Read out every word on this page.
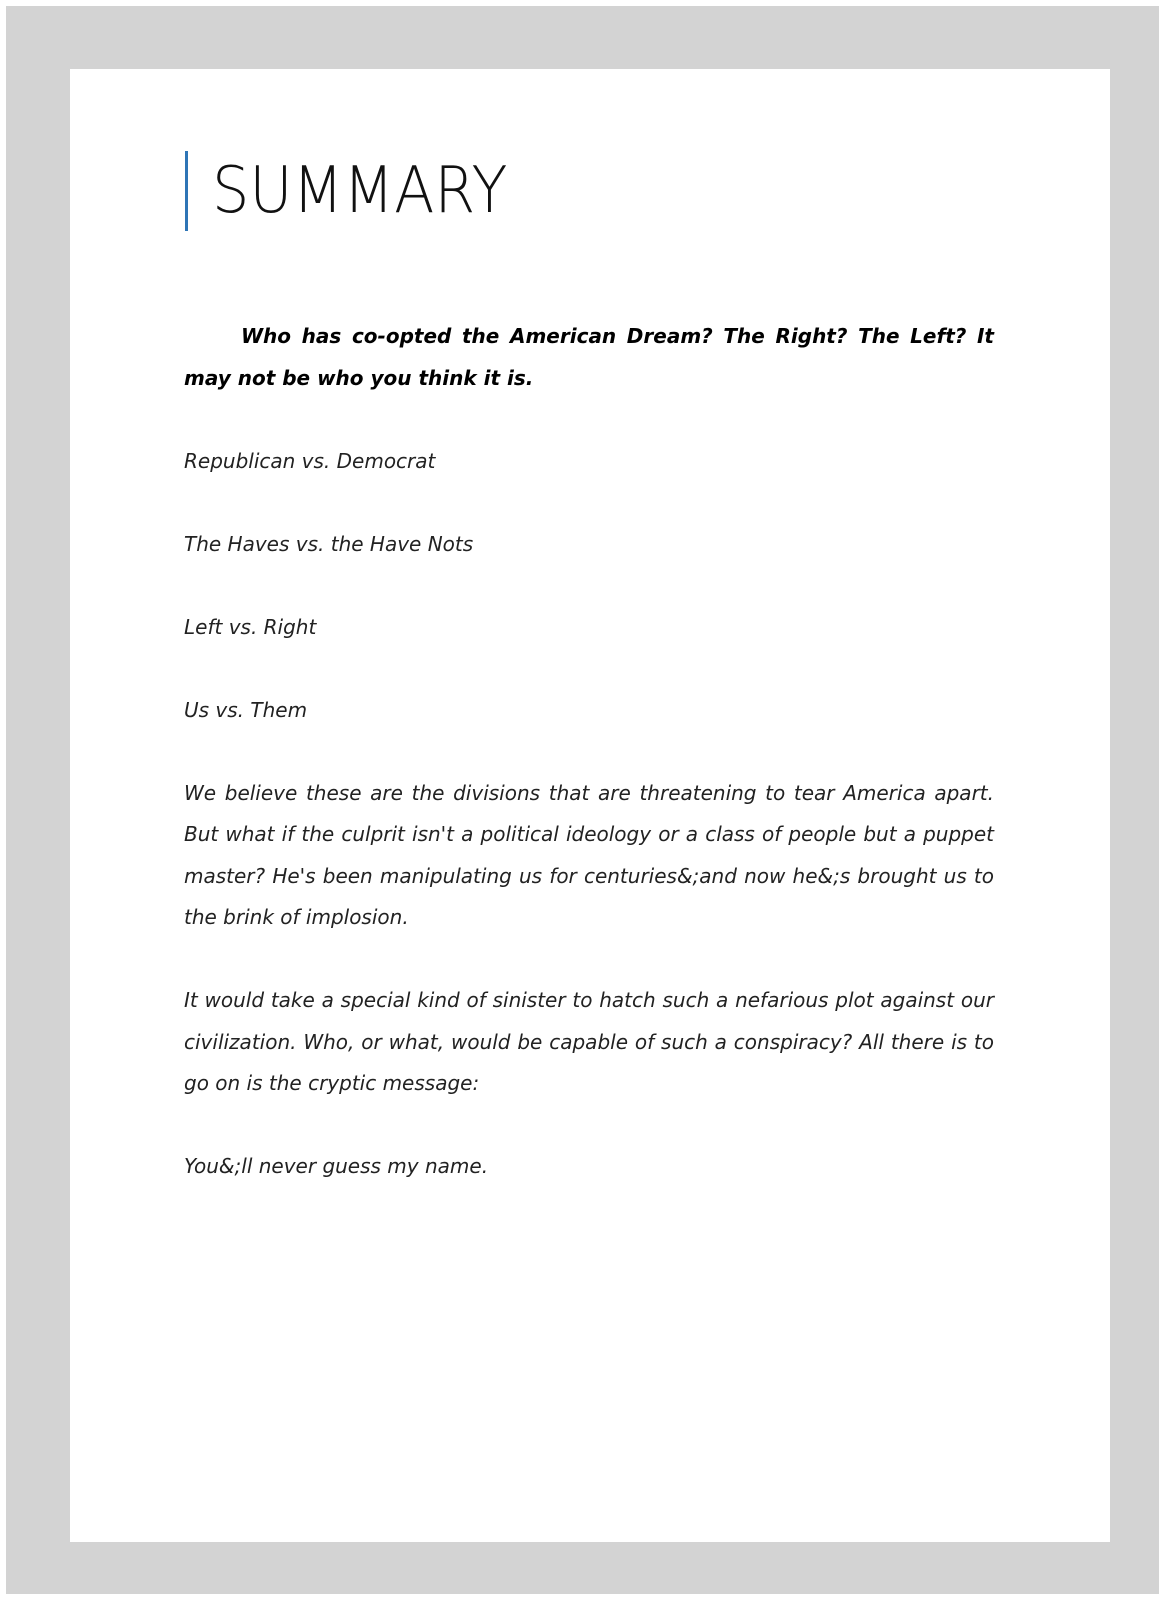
SUMMARY

Who has co-opted the American Dream? The Right? The Left? It may not be who you think it is.

Republican vs. Democrat

The Haves vs. the Have Nots

Left vs. Right

Us vs. Them

We believe these are the divisions that are threatening to tear America apart. But what if the culprit isn't a political ideology or a class of people but a puppet master? He's been manipulating us for centuries&;and now he&;s brought us to the brink of implosion.

It would take a special kind of sinister to hatch such a nefarious plot against our civilization. Who, or what, would be capable of such a conspiracy? All there is to go on is the cryptic message:

You&;ll never guess my name.
